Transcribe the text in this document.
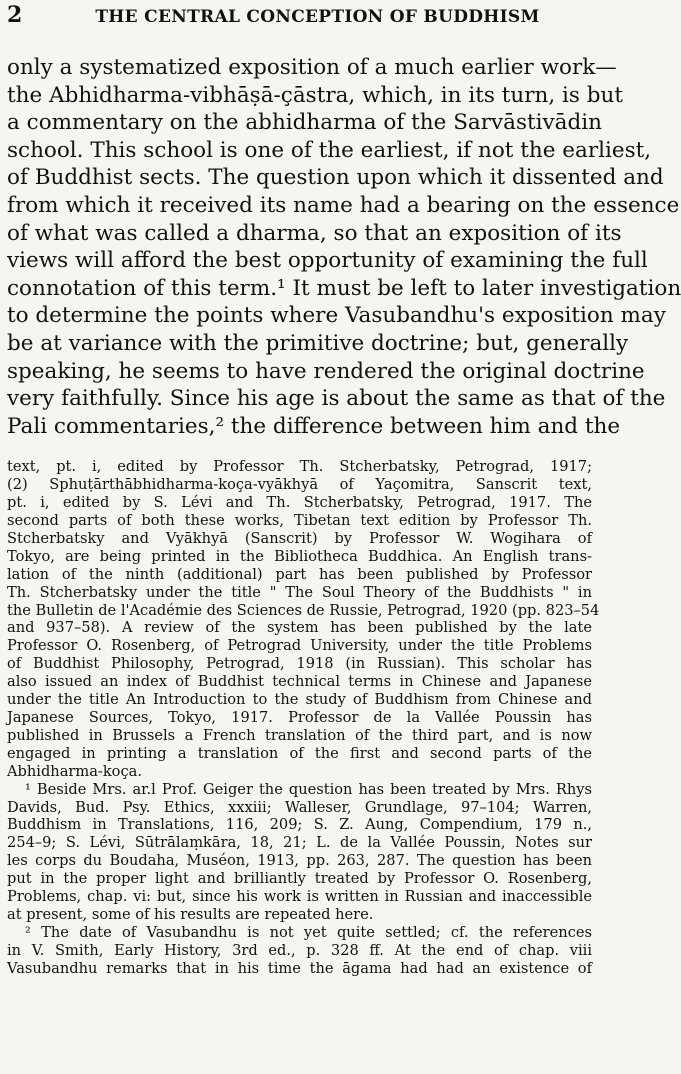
2	THE CENTRAL CONCEPTION OF BUDDHISM

only a systematized exposition of a much earlier work—
the Abhidharma-vibhāṣā-çāstra, which, in its turn, is but
a commentary on the abhidharma of the Sarvāstivādin
school. This school is one of the earliest, if not the earliest,
of Buddhist sects. The question upon which it dissented and
from which it received its name had a bearing on the essence
of what was called a dharma, so that an exposition of its
views will afford the best opportunity of examining the full
connotation of this term.¹ It must be left to later investigation
to determine the points where Vasubandhu's exposition may
be at variance with the primitive doctrine; but, generally
speaking, he seems to have rendered the original doctrine
very faithfully. Since his age is about the same as that of the
Pali commentaries,² the difference between him and the

text, pt. i, edited by Professor Th. Stcherbatsky, Petrograd, 1917;
(2) Sphuṭārthābhidharma-koça-vyākhyā of Yaçomitra, Sanscrit text,
pt. i, edited by S. Lévi and Th. Stcherbatsky, Petrograd, 1917. The
second parts of both these works, Tibetan text edition by Professor Th.
Stcherbatsky and Vyākhyā (Sanscrit) by Professor W. Wogihara of
Tokyo, are being printed in the Bibliotheca Buddhica. An English trans-
lation of the ninth (additional) part has been published by Professor
Th. Stcherbatsky under the title " The Soul Theory of the Buddhists " in
the Bulletin de l'Académie des Sciences de Russie, Petrograd, 1920 (pp. 823–54
and 937–58). A review of the system has been published by the late
Professor O. Rosenberg, of Petrograd University, under the title Problems
of Buddhist Philosophy, Petrograd, 1918 (in Russian). This scholar has
also issued an index of Buddhist technical terms in Chinese and Japanese
under the title An Introduction to the study of Buddhism from Chinese and
Japanese Sources, Tokyo, 1917. Professor de la Vallée Poussin has
published in Brussels a French translation of the third part, and is now
engaged in printing a translation of the first and second parts of the
Abhidharma-koça.
¹ Beside Mrs. ar.l Prof. Geiger the question has been treated by Mrs. Rhys
Davids, Bud. Psy. Ethics, xxxiii; Walleser, Grundlage, 97–104; Warren,
Buddhism in Translations, 116, 209; S. Z. Aung, Compendium, 179 n.,
254–9; S. Lévi, Sūtrālaṃkāra, 18, 21; L. de la Vallée Poussin, Notes sur
les corps du Boudaha, Muséon, 1913, pp. 263, 287. The question has been
put in the proper light and brilliantly treated by Professor O. Rosenberg,
Problems, chap. vi: but, since his work is written in Russian and inaccessible
at present, some of his results are repeated here.
² The date of Vasubandhu is not yet quite settled; cf. the references
in V. Smith, Early History, 3rd ed., p. 328 ff. At the end of chap. viii
Vasubandhu remarks that in his time the āgama had had an existence of
